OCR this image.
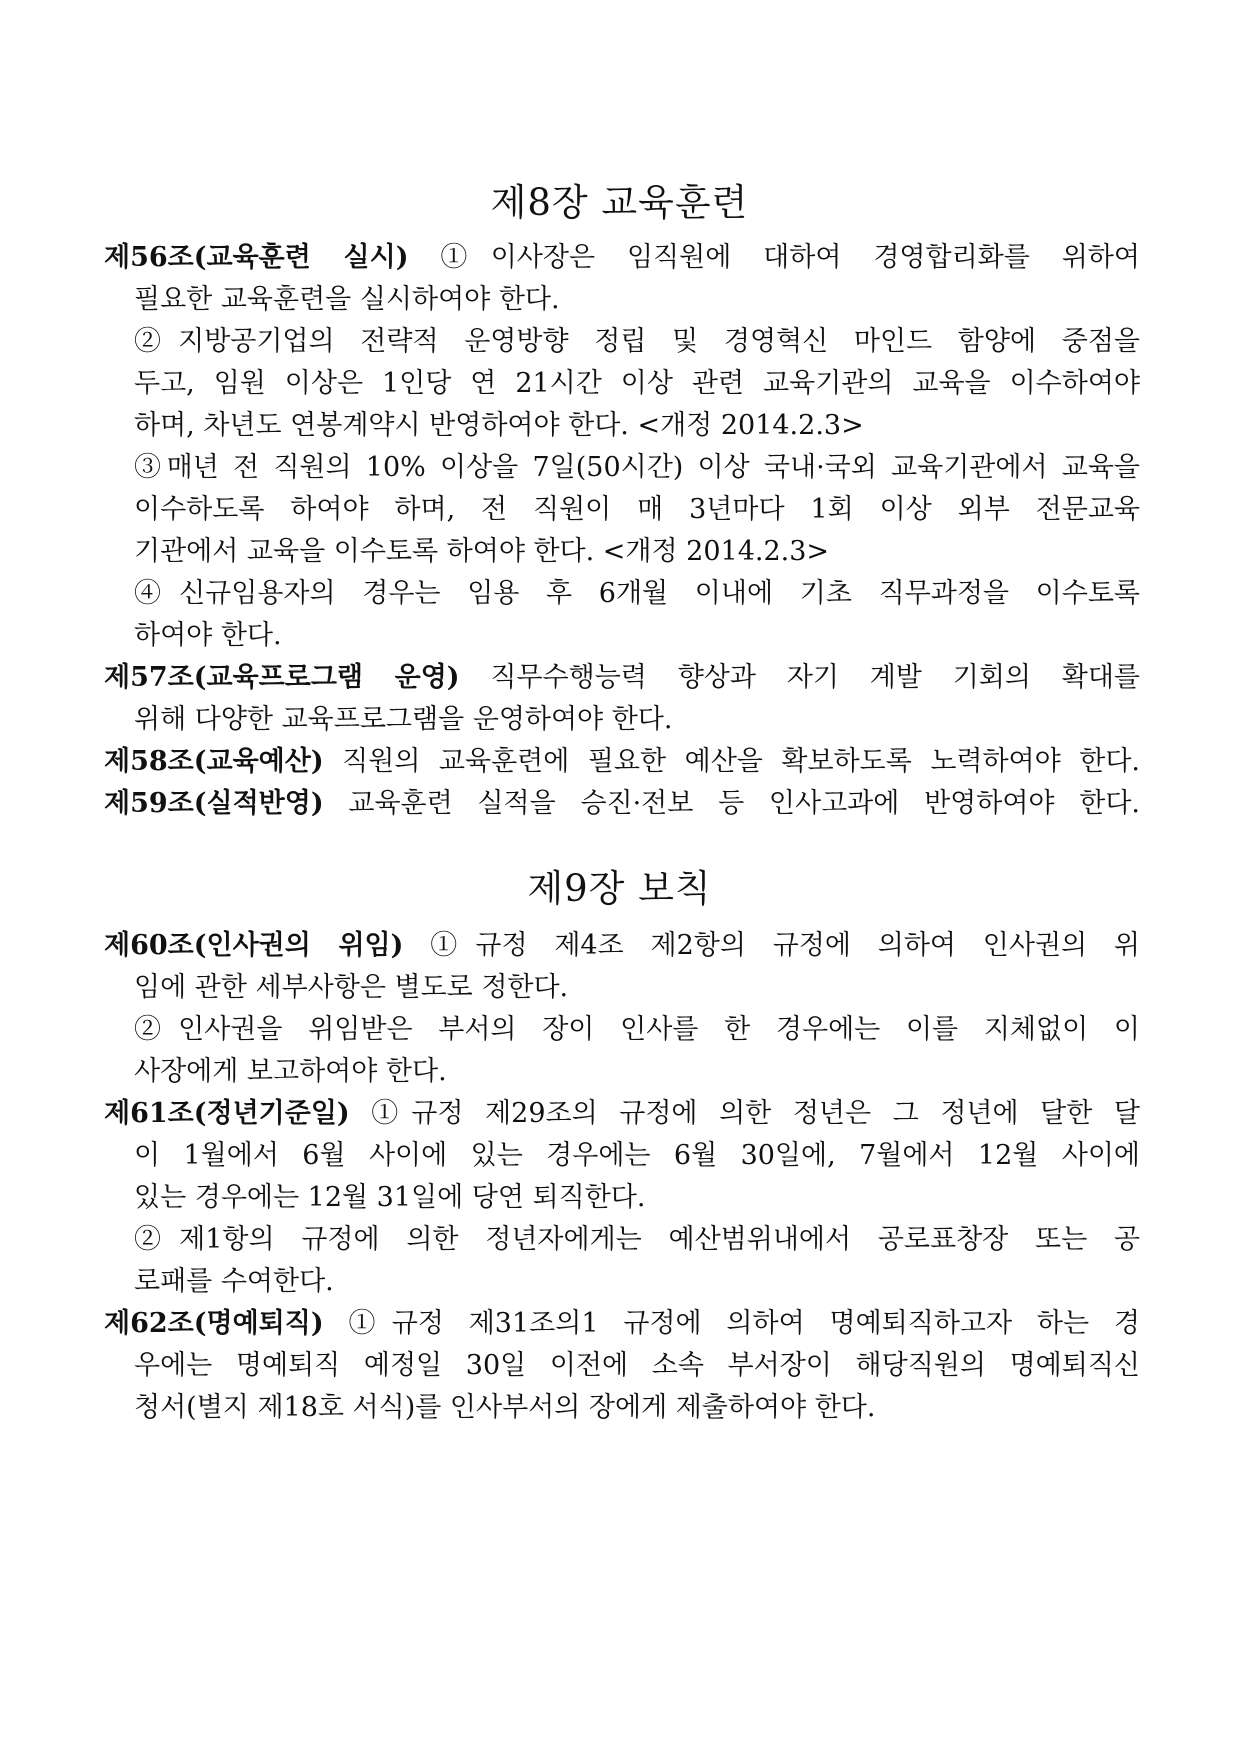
제8장 교육훈련
제56조(교육훈련 실시) ①이사장은 임직원에 대하여 경영합리화를 위하여
필요한 교육훈련을 실시하여야 한다.
②지방공기업의 전략적 운영방향 정립 및 경영혁신 마인드 함양에 중점을
두고, 임원 이상은 1인당 연 21시간 이상 관련 교육기관의 교육을 이수하여야
하며, 차년도 연봉계약시 반영하여야 한다. <개정 2014.2.3>
③매년 전 직원의 10% 이상을 7일(50시간) 이상 국내·국외 교육기관에서 교육을
이수하도록 하여야 하며, 전 직원이 매 3년마다 1회 이상 외부 전문교육
기관에서 교육을 이수토록 하여야 한다. <개정 2014.2.3>
④신규임용자의 경우는 임용 후 6개월 이내에 기초 직무과정을 이수토록
하여야 한다.
제57조(교육프로그램 운영) 직무수행능력 향상과 자기 계발 기회의 확대를
위해 다양한 교육프로그램을 운영하여야 한다.
제58조(교육예산) 직원의 교육훈련에 필요한 예산을 확보하도록 노력하여야 한다.
제59조(실적반영) 교육훈련 실적을 승진·전보 등 인사고과에 반영하여야 한다.
제9장 보칙
제60조(인사권의 위임) ①규정 제4조 제2항의 규정에 의하여 인사권의 위
임에 관한 세부사항은 별도로 정한다.
②인사권을 위임받은 부서의 장이 인사를 한 경우에는 이를 지체없이 이
사장에게 보고하여야 한다.
제61조(정년기준일) ①규정 제29조의 규정에 의한 정년은 그 정년에 달한 달
이 1월에서 6월 사이에 있는 경우에는 6월 30일에, 7월에서 12월 사이에
있는 경우에는 12월 31일에 당연 퇴직한다.
②제1항의 규정에 의한 정년자에게는 예산범위내에서 공로표창장 또는 공
로패를 수여한다.
제62조(명예퇴직) ①규정 제31조의1 규정에 의하여 명예퇴직하고자 하는 경
우에는 명예퇴직 예정일 30일 이전에 소속 부서장이 해당직원의 명예퇴직신
청서(별지 제18호 서식)를 인사부서의 장에게 제출하여야 한다.
